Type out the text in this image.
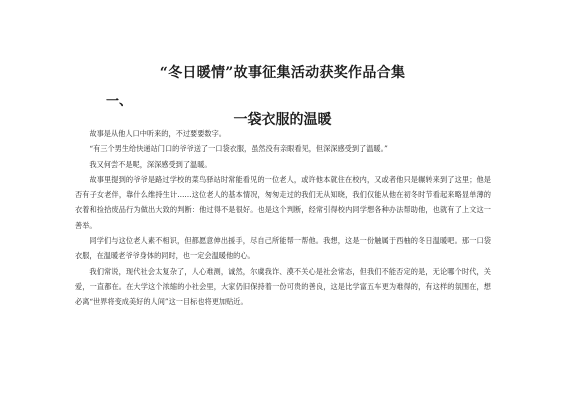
“冬日暖情”故事征集活动获奖作品合集
一、
一袋衣服的温暖

故事是从他人口中听来的，不过要要数字。

“有三个男生给快递站门口的爷爷送了一口袋衣服，虽然没有亲眼看见，但深深感受到了温暖。”

我又何尝不是呢，深深感受到了温暖。

故事里提到的爷爷是路过学校的菜鸟驿站时常能看见的一位老人，或许他本就住在校内，又或者他只是辗转来到了这里；他是否有子女老伴，靠什么维持生计……这位老人的基本情况，匆匆走过的我们无从知晓，我们仅能从他在初冬时节看起来略显单薄的衣着和捡拾废品行为做出大致的判断：他过得不是很好。也是这个判断，经常引得校内同学想各种办法帮助他，也就有了上文这一善举。

同学们与这位老人素不相识，但都愿意伸出援手，尽自己所能帮一帮他。我想，这是一份触属于西柚的冬日温暖吧。那一口袋衣服，在温暖老爷爷身体的同时，也一定会温暖他的心。

我们常说，现代社会太复杂了，人心难测，诚然，尔虞我诈、漠不关心是社会常态，但我们不能否定的是，无论哪个时代，关爱，一直都在。在大学这个浓缩的小社会里，大家仍旧保持着一份可贵的善良，这是比学富五车更为难得的，有这样的氛围在，想必离“世界将变成美好的人间”这一目标也将更加贴近。
